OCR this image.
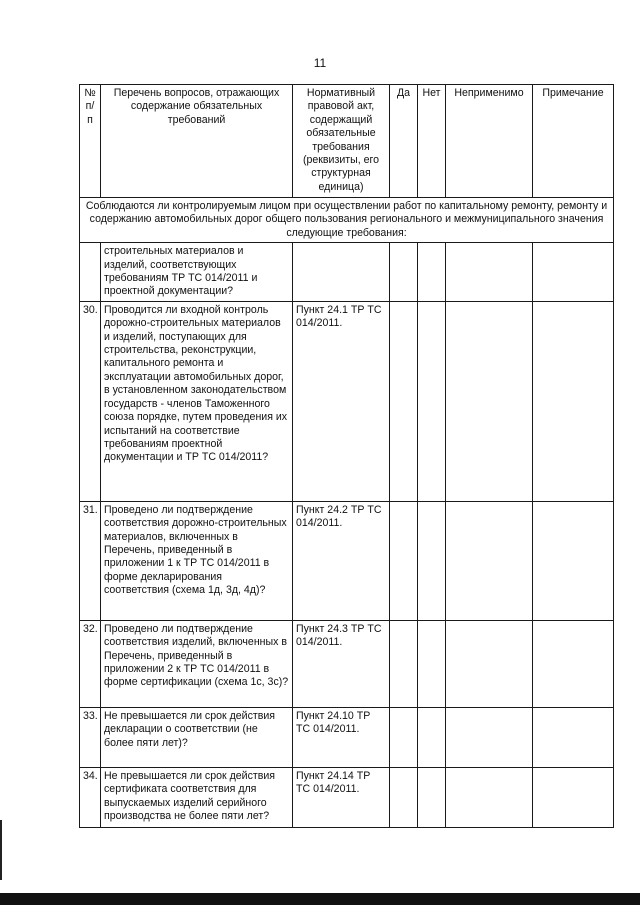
11
№ п/п	Перечень вопросов, отражающих содержание обязательных требований	Нормативный правовой акт, содержащий обязательные требования (реквизиты, его структурная единица)	Да	Нет	Неприменимо	Примечание
Соблюдаются ли контролируемым лицом при осуществлении работ по капитальному ремонту, ремонту и содержанию автомобильных дорог общего пользования регионального и межмуниципального значения следующие требования:						
	строительных материалов и изделий, соответствующих требованиям ТР ТС 014/2011 и проектной документации?					
30.	Проводится ли входной контроль дорожно-строительных материалов и изделий, поступающих для строительства, реконструкции, капитального ремонта и эксплуатации автомобильных дорог, в установленном законодательством государств - членов Таможенного союза порядке, путем проведения их испытаний на соответствие требованиям проектной документации и ТР ТС 014/2011?	Пункт 24.1 ТР ТС 014/2011.				
31.	Проведено ли подтверждение соответствия дорожно-строительных материалов, включенных в Перечень, приведенный в приложении 1 к ТР ТС 014/2011 в форме декларирования соответствия (схема 1д, 3д, 4д)?	Пункт 24.2 ТР ТС 014/2011.				
32.	Проведено ли подтверждение соответствия изделий, включенных в Перечень, приведенный в приложении 2 к ТР ТС 014/2011 в форме сертификации (схема 1с, 3с)?	Пункт 24.3 ТР ТС 014/2011.				
33.	Не превышается ли срок действия декларации о соответствии (не более пяти лет)?	Пункт 24.10 ТР ТС 014/2011.				
34.	Не превышается ли срок действия сертификата соответствия для выпускаемых изделий серийного производства не более пяти лет?	Пункт 24.14 ТР ТС 014/2011.				
